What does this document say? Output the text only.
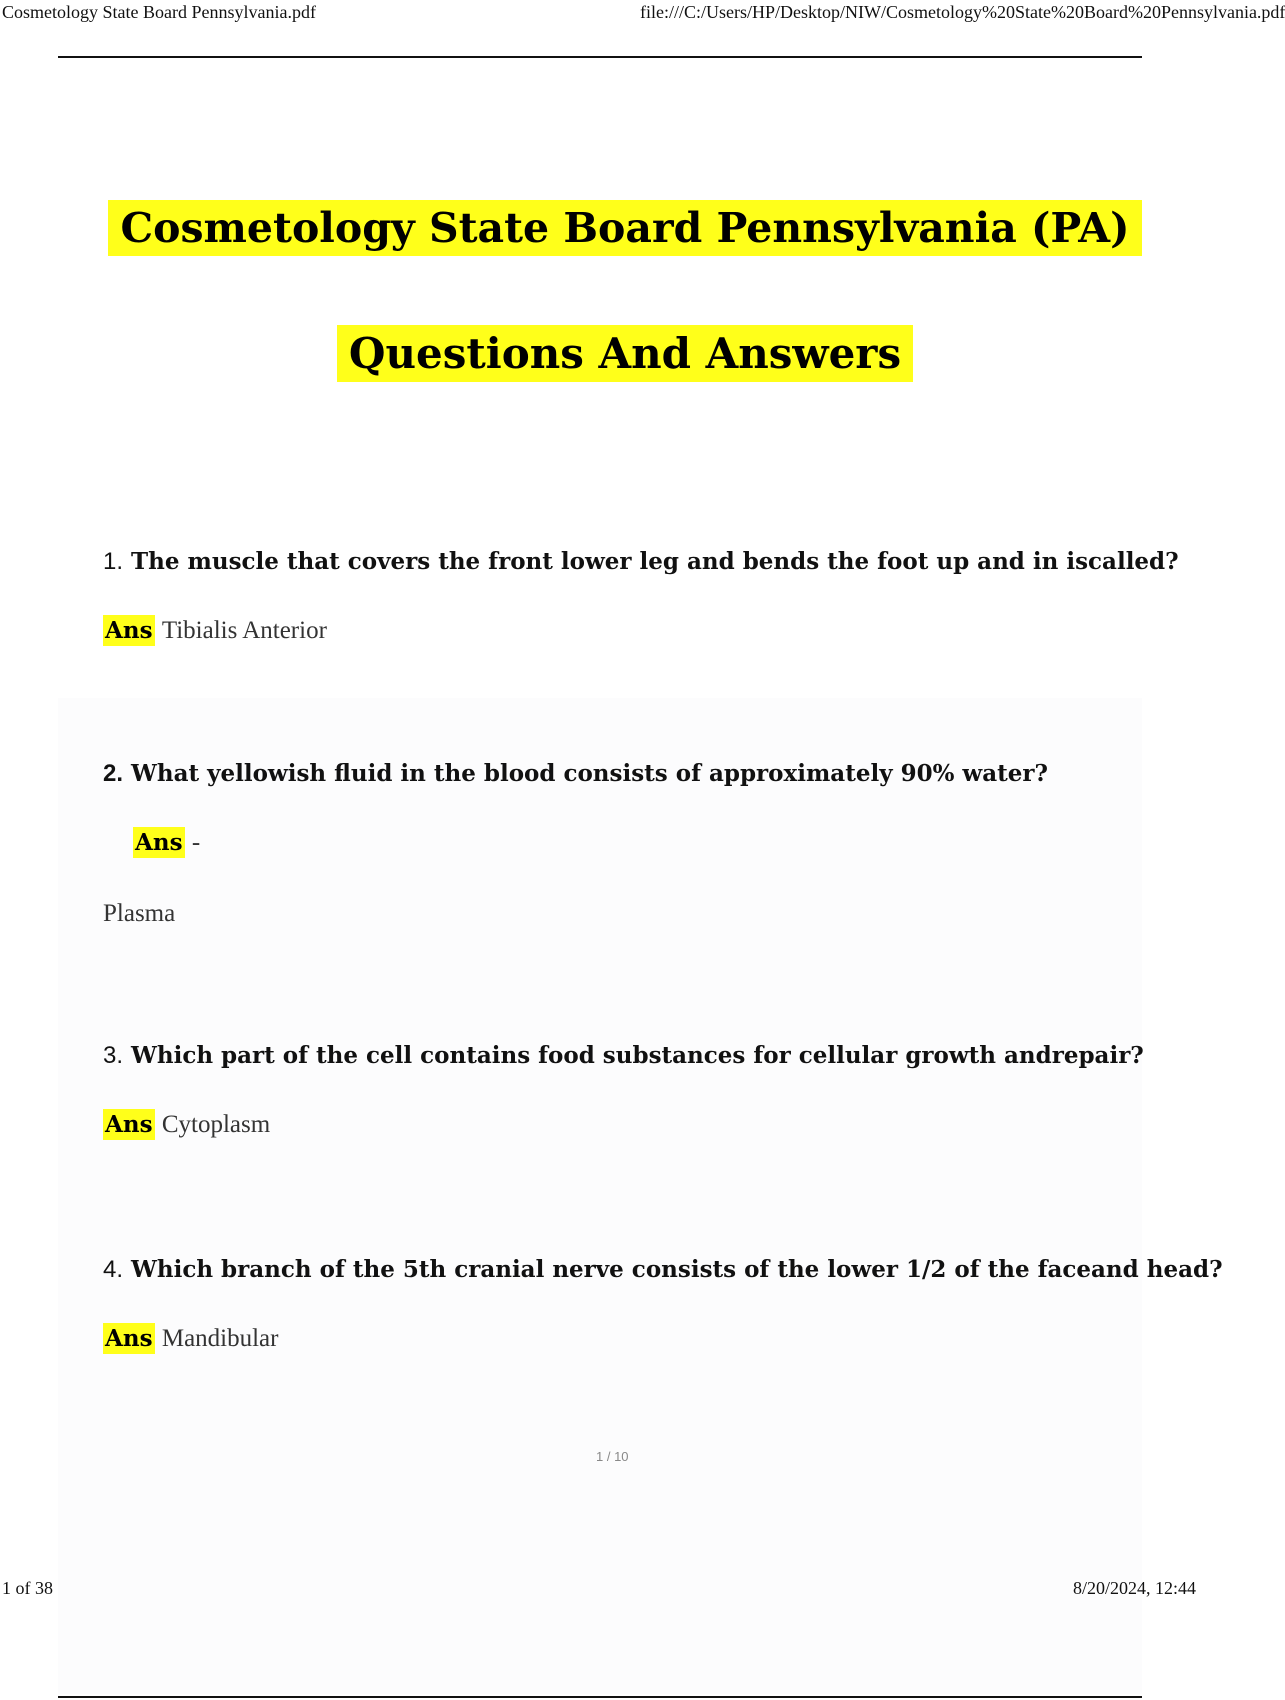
Cosmetology State Board Pennsylvania.pdf	file:///C:/Users/HP/Desktop/NIW/Cosmetology%20State%20Board%20Pennsylvania.pdf
Cosmetology State Board Pennsylvania (PA)
Questions And Answers
1. The muscle that covers the front lower leg and bends the foot up and in iscalled?
Ans Tibialis Anterior
2. What yellowish fluid in the blood consists of approximately 90% water?
Ans -
Plasma
3. Which part of the cell contains food substances for cellular growth andrepair?
Ans Cytoplasm
4. Which branch of the 5th cranial nerve consists of the lower 1/2 of the faceand head?
Ans Mandibular
1 / 10
1 of 38	8/20/2024, 12:44
